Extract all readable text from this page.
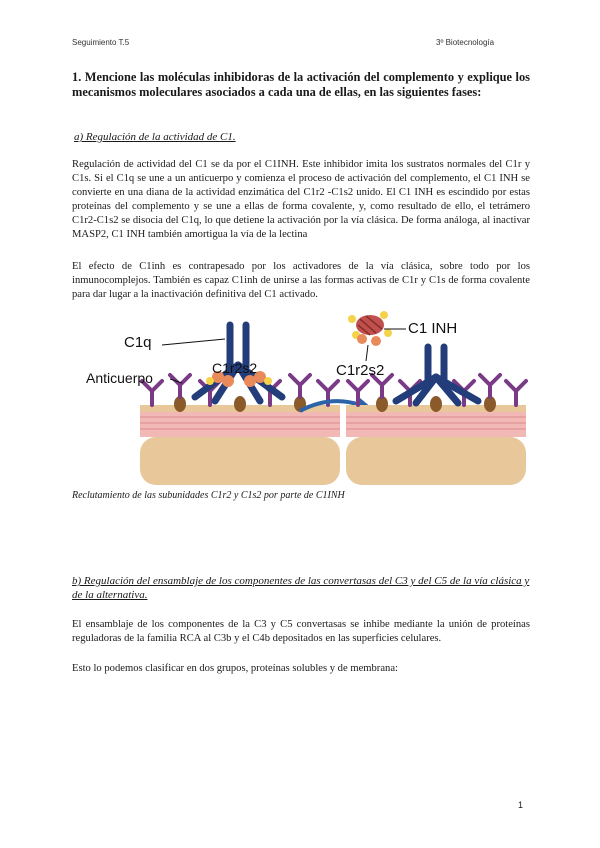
Seguimiento T.5	3º Biotecnología
1. Mencione las moléculas inhibidoras de la activación del complemento y explique los mecanismos moleculares asociados a cada una de ellas, en las siguientes fases:
a) Regulación de la actividad de C1.
Regulación de actividad del C1 se da por el C1INH. Este inhibidor imita los sustratos normales del C1r y C1s. Si el C1q se une a un anticuerpo y comienza el proceso de activación del complemento, el C1 INH se convierte en una diana de la actividad enzimática del C1r2 -C1s2 unido. El C1 INH es escindido por estas proteínas del complemento y se une a ellas de forma covalente, y, como resultado de ello, el tetrámero C1r2-C1s2 se disocia del C1q, lo que detiene la activación por la vía clásica. De forma análoga, al inactivar MASP2, C1 INH también amortigua la vía de la lectina
El efecto de C1inh es contrapesado por los activadores de la vía clásica, sobre todo por los inmunocomplejos. También es capaz C1inh de unirse a las formas activas de C1r y C1s de forma covalente para dar lugar a la inactivación definitiva del C1 activado.
C1q
Anticuerpo
C1r2s2
C1 INH
C1r2s2
Reclutamiento de las subunidades C1r2 y C1s2 por parte de C1INH
b) Regulación del ensamblaje de los componentes de las convertasas del C3 y del C5 de la vía clásica y de la alternativa.
El ensamblaje de los componentes de la C3 y C5 convertasas se inhibe mediante la unión de proteínas reguladoras de la familia RCA al C3b y el C4b depositados en las superficies celulares.
Esto lo podemos clasificar en dos grupos, proteínas solubles y de membrana:
1
